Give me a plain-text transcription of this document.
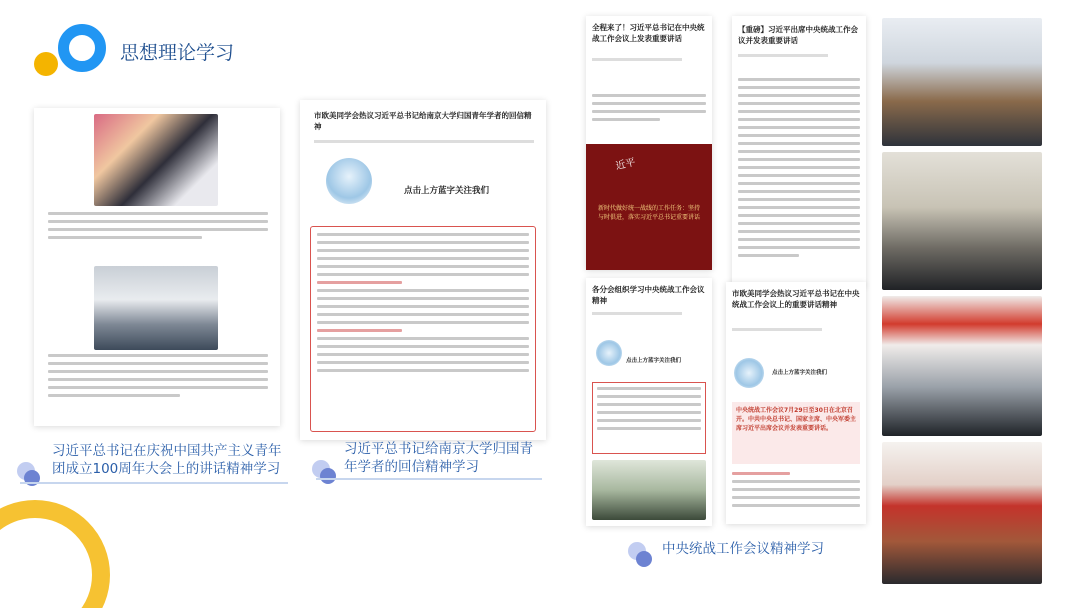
思想理论学习
市欧美同学会热议习近平总书记给南京大学归国青年学者的回信精神
点击上方蓝字关注我们
全程来了！习近平总书记在中央统战工作会议上发表重要讲话
近平
新时代做好统一战线的工作任务：坚持与时俱进，落实习近平总书记重要讲话
各分会组织学习中央统战工作会议精神
点击上方蓝字关注我们
【重磅】习近平出席中央统战工作会议并发表重要讲话
市欧美同学会热议习近平总书记在中央统战工作会议上的重要讲话精神
点击上方蓝字关注我们
中央统战工作会议7月29日至30日在北京召开。中共中央总书记、国家主席、中央军委主席习近平出席会议并发表重要讲话。
习近平总书记在庆祝中国共产主义青年团成立100周年大会上的讲话精神学习
习近平总书记给南京大学归国青年学者的回信精神学习
中央统战工作会议精神学习
